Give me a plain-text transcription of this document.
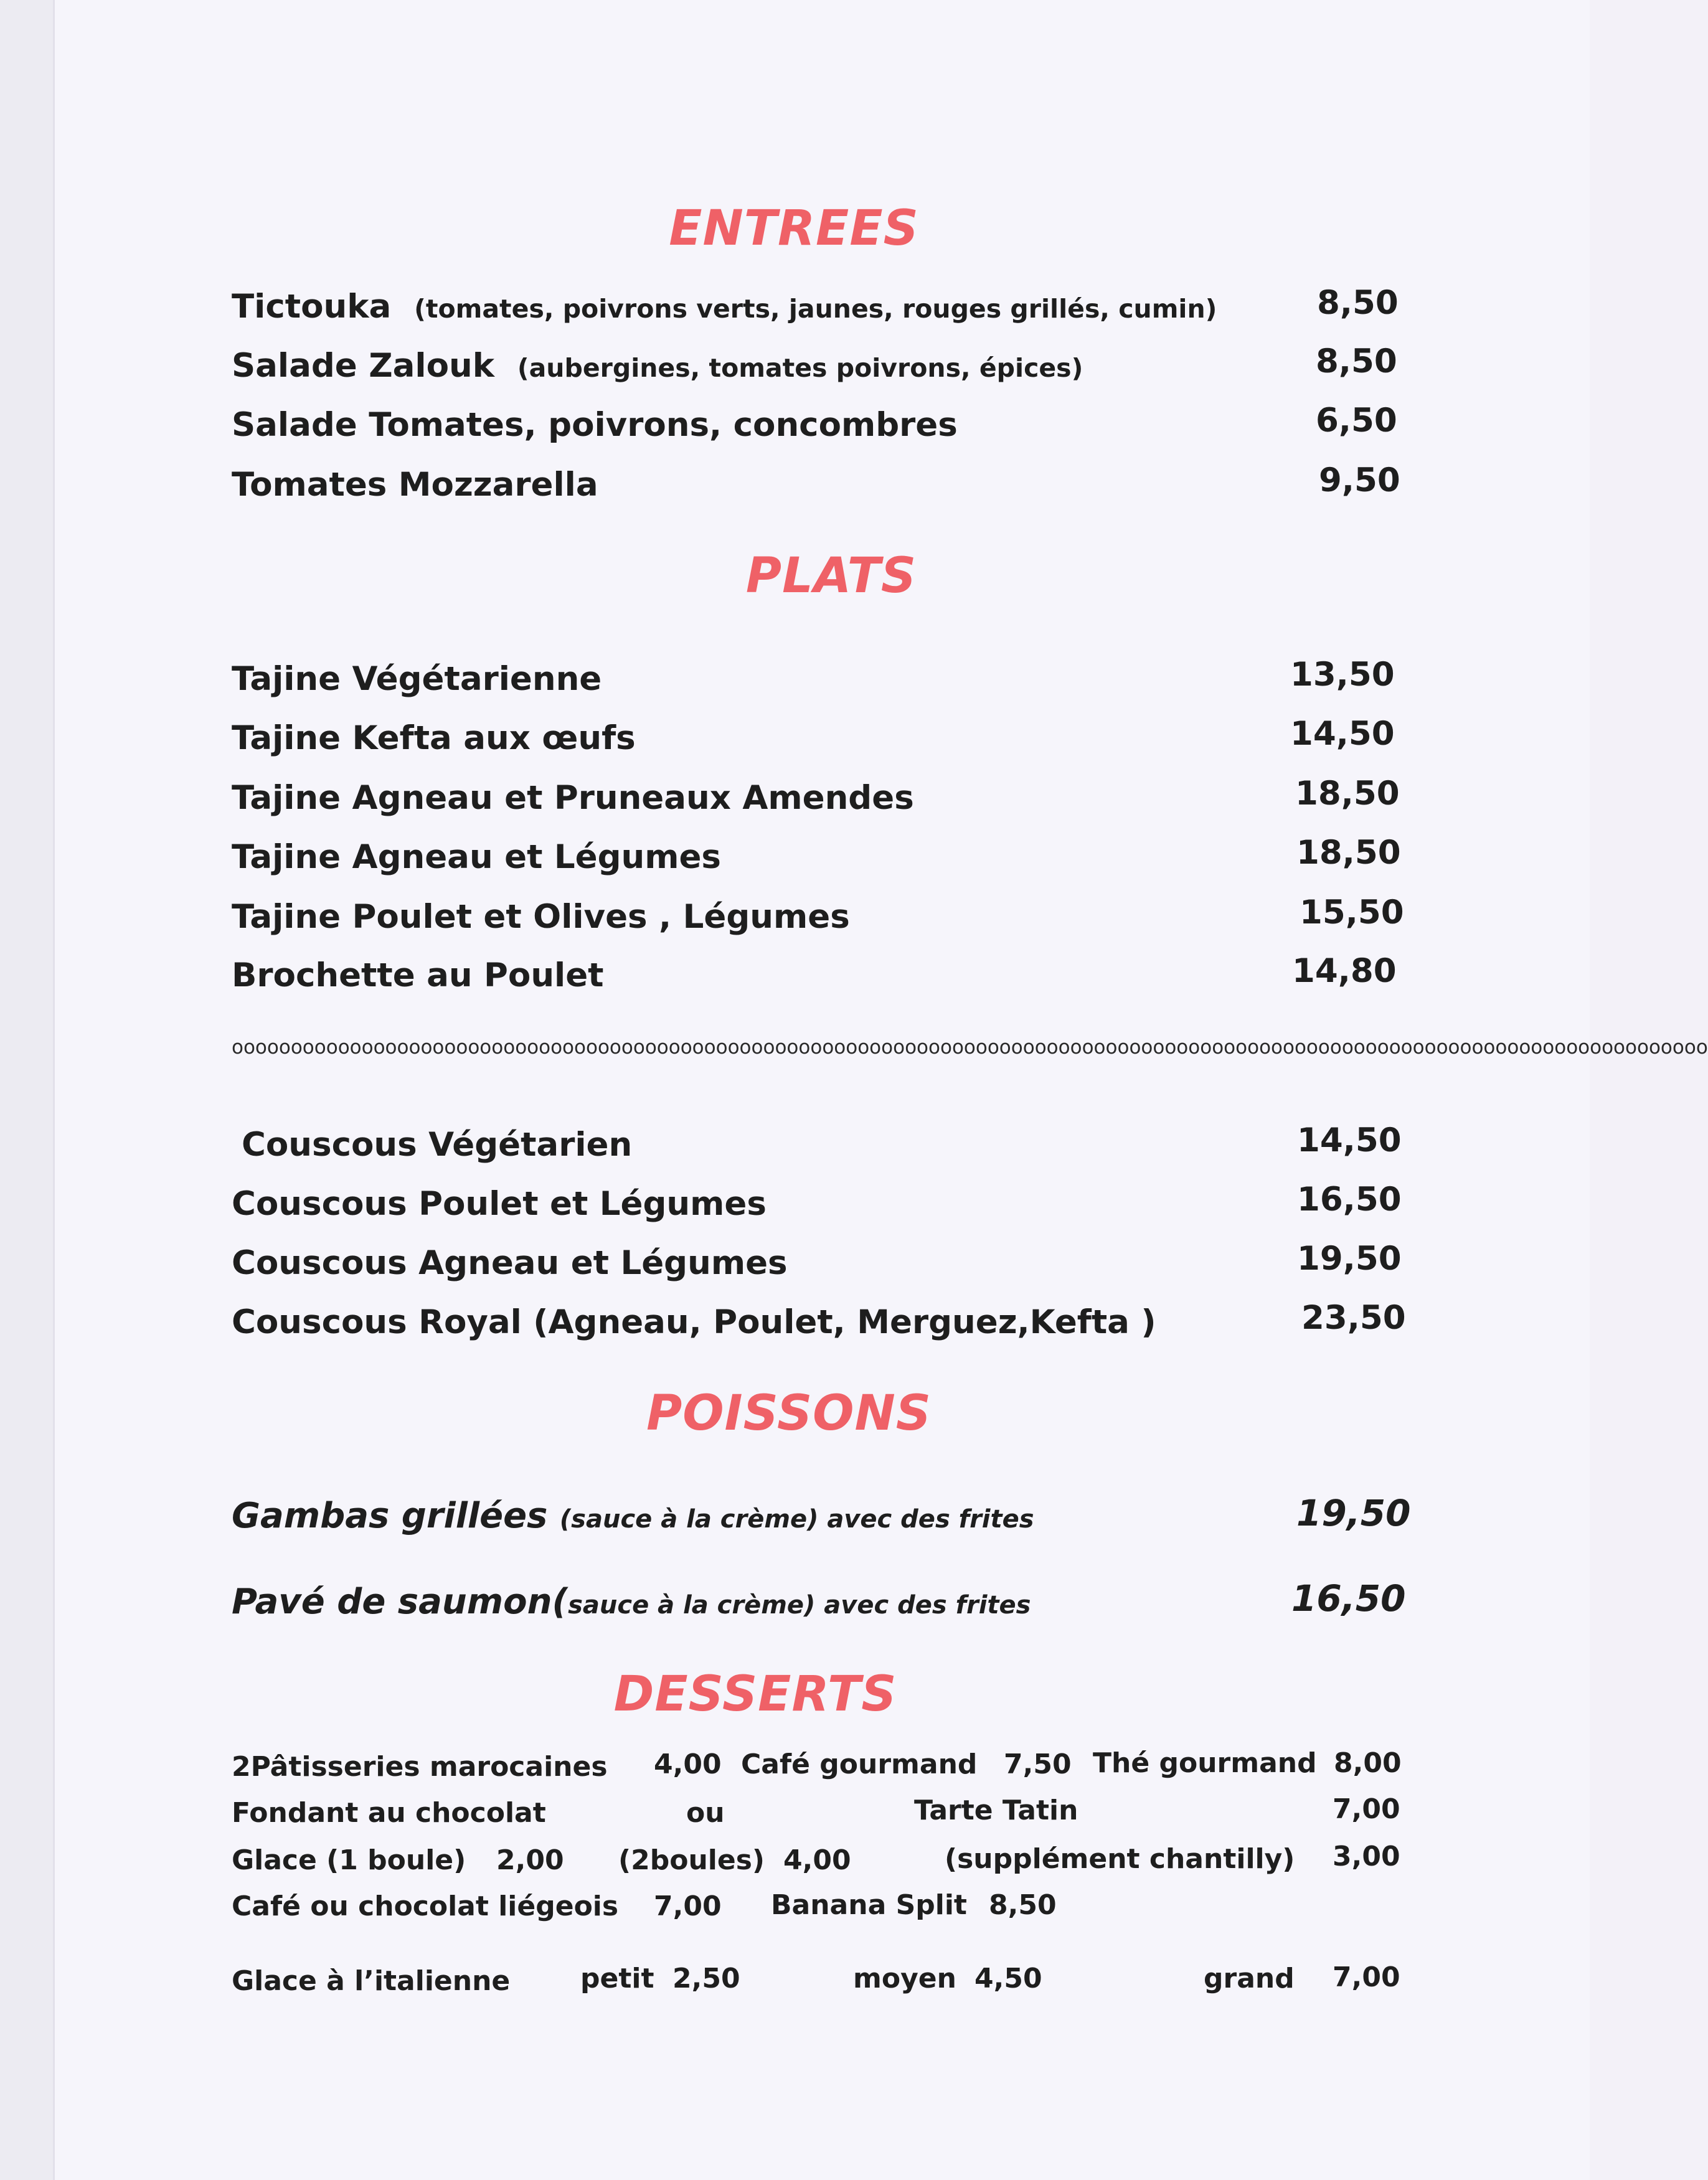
ENTREES
Tictouka (tomates, poivrons verts, jaunes, rouges grillés, cumin)	8,50
Salade Zalouk (aubergines, tomates poivrons, épices)	8,50
Salade Tomates, poivrons, concombres	6,50
Tomates Mozzarella	9,50
PLATS
Tajine Végétarienne	13,50
Tajine Kefta aux œufs	14,50
Tajine Agneau et Pruneaux Amendes	18,50
Tajine Agneau et Légumes	18,50
Tajine Poulet et Olives , Légumes	15,50
Brochette au Poulet	14,80
ooooooooooooooooooooooooooooooooooooooooooooooooooooooooooooooooooooooooooooooooooooooooooooooooooooooooooooooooooooooooooooo
Couscous Végétarien	14,50
Couscous Poulet et Légumes	16,50
Couscous Agneau et Légumes	19,50
Couscous Royal (Agneau, Poulet, Merguez,Kefta )	23,50
POISSONS
Gambas grillées (sauce à la crème) avec des frites	19,50
Pavé de saumon(sauce à la crème) avec des frites	16,50
DESSERTS
2Pâtisseries marocaines 4,00 Café gourmand 7,50 Thé gourmand 8,00
Fondant au chocolat	ou	Tarte Tatin	7,00
Glace (1 boule) 2,00 (2boules) 4,00	(supplément chantilly) 3,00
Café ou chocolat liégeois 7,00 Banana Split 8,50
Glace à l’italienne	petit 2,50	moyen 4,50	grand 7,00
